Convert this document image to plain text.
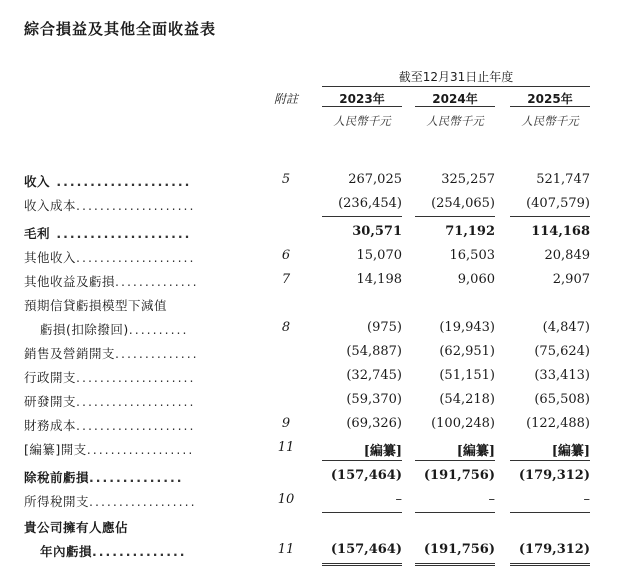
綜合損益及其他全面收益表
截至12月31日止年度
附註	2023年	2024年	2025年
人民幣千元	人民幣千元	人民幣千元
收入 ....................	5	267,025	325,257	521,747
收入成本....................	(236,454)	(254,065)	(407,579)
毛利 ....................	30,571	71,192	114,168
其他收入....................	6	15,070	16,503	20,849
其他收益及虧損..............	7	14,198	9,060	2,907
預期信貸虧損模型下減值
虧損(扣除撥回)..........	8	(975)	(19,943)	(4,847)
銷售及營銷開支..............	(54,887)	(62,951)	(75,624)
行政開支....................	(32,745)	(51,151)	(33,413)
研發開支....................	(59,370)	(54,218)	(65,508)
財務成本....................	9	(69,326)	(100,248)	(122,488)
[編纂]開支..................	11	[編纂]	[編纂]	[編纂]
除稅前虧損..............	(157,464)	(191,756)	(179,312)
所得稅開支..................	10	–	–	–
貴公司擁有人應佔
年內虧損..............	11	(157,464)	(191,756)	(179,312)
